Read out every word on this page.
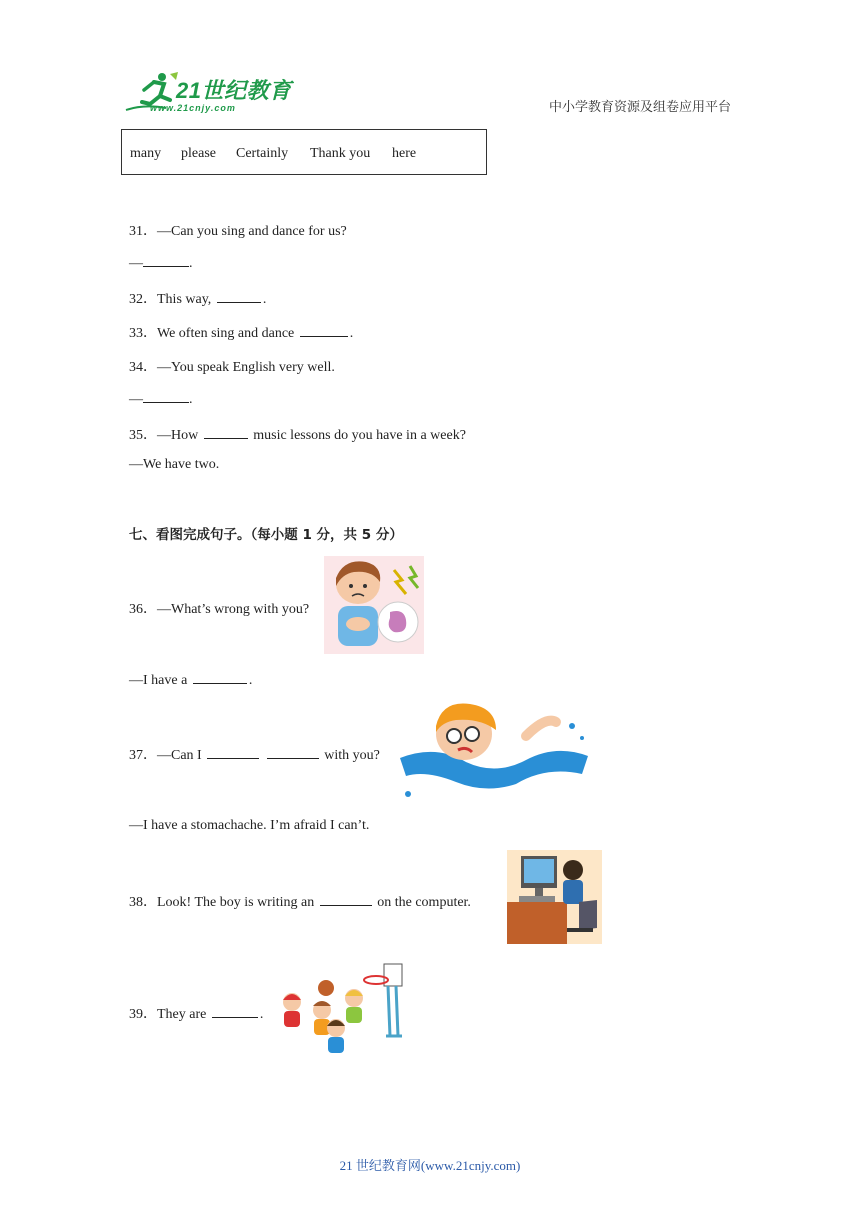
21世纪教育
www.21cnjy.com	中小学教育资源及组卷应用平台
many please Certainly Thank you here
31．—Can you sing and dance for us?
—	.
32．This way,	.
33．We often sing and dance	.
34．—You speak English very well.
—	.
35．—How	music lessons do you have in a week?
—We have two.
七、看图完成句子。（每小题 1 分，共 5 分）
36．—What’s wrong with you?
—I have a	.
37．—Can I	with you?
—I have a stomachache. I’m afraid I can’t.
38．Look! The boy is writing an	on the computer.
39．They are	.
21 世纪教育网(www.21cnjy.com)
